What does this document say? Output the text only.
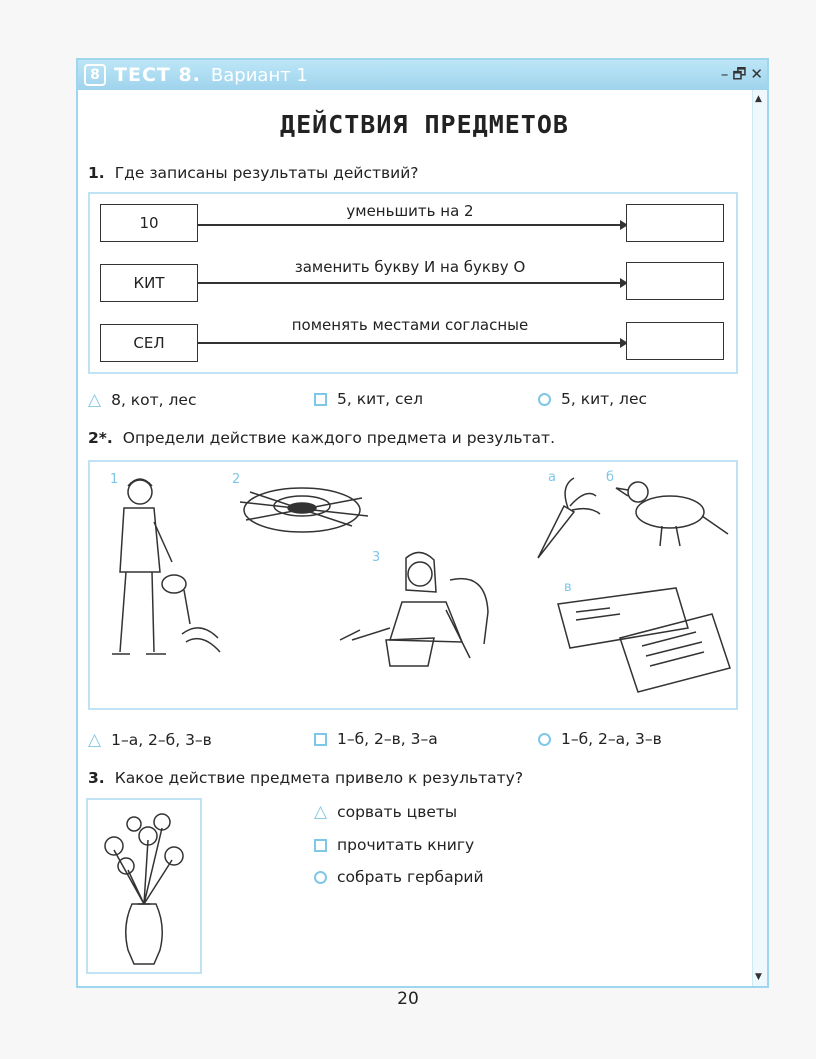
8 ТЕСТ 8. Вариант 1	– 🗗 ✕
▲
▼
ДЕЙСТВИЯ ПРЕДМЕТОВ
1. Где записаны результаты действий?
10
уменьшить на 2
КИТ
заменить букву И на букву О
СЕЛ
поменять местами согласные
△ 8, кот, лес	5, кит, сел	5, кит, лес
2*. Определи действие каждого предмета и результат.
1	2
3
а	б
в
△ 1–а, 2–б, 3–в	1–б, 2–в, 3–а	1–б, 2–а, 3–в
3. Какое действие предмета привело к результату?
△ сорвать цветы
прочитать книгу
собрать гербарий
20
